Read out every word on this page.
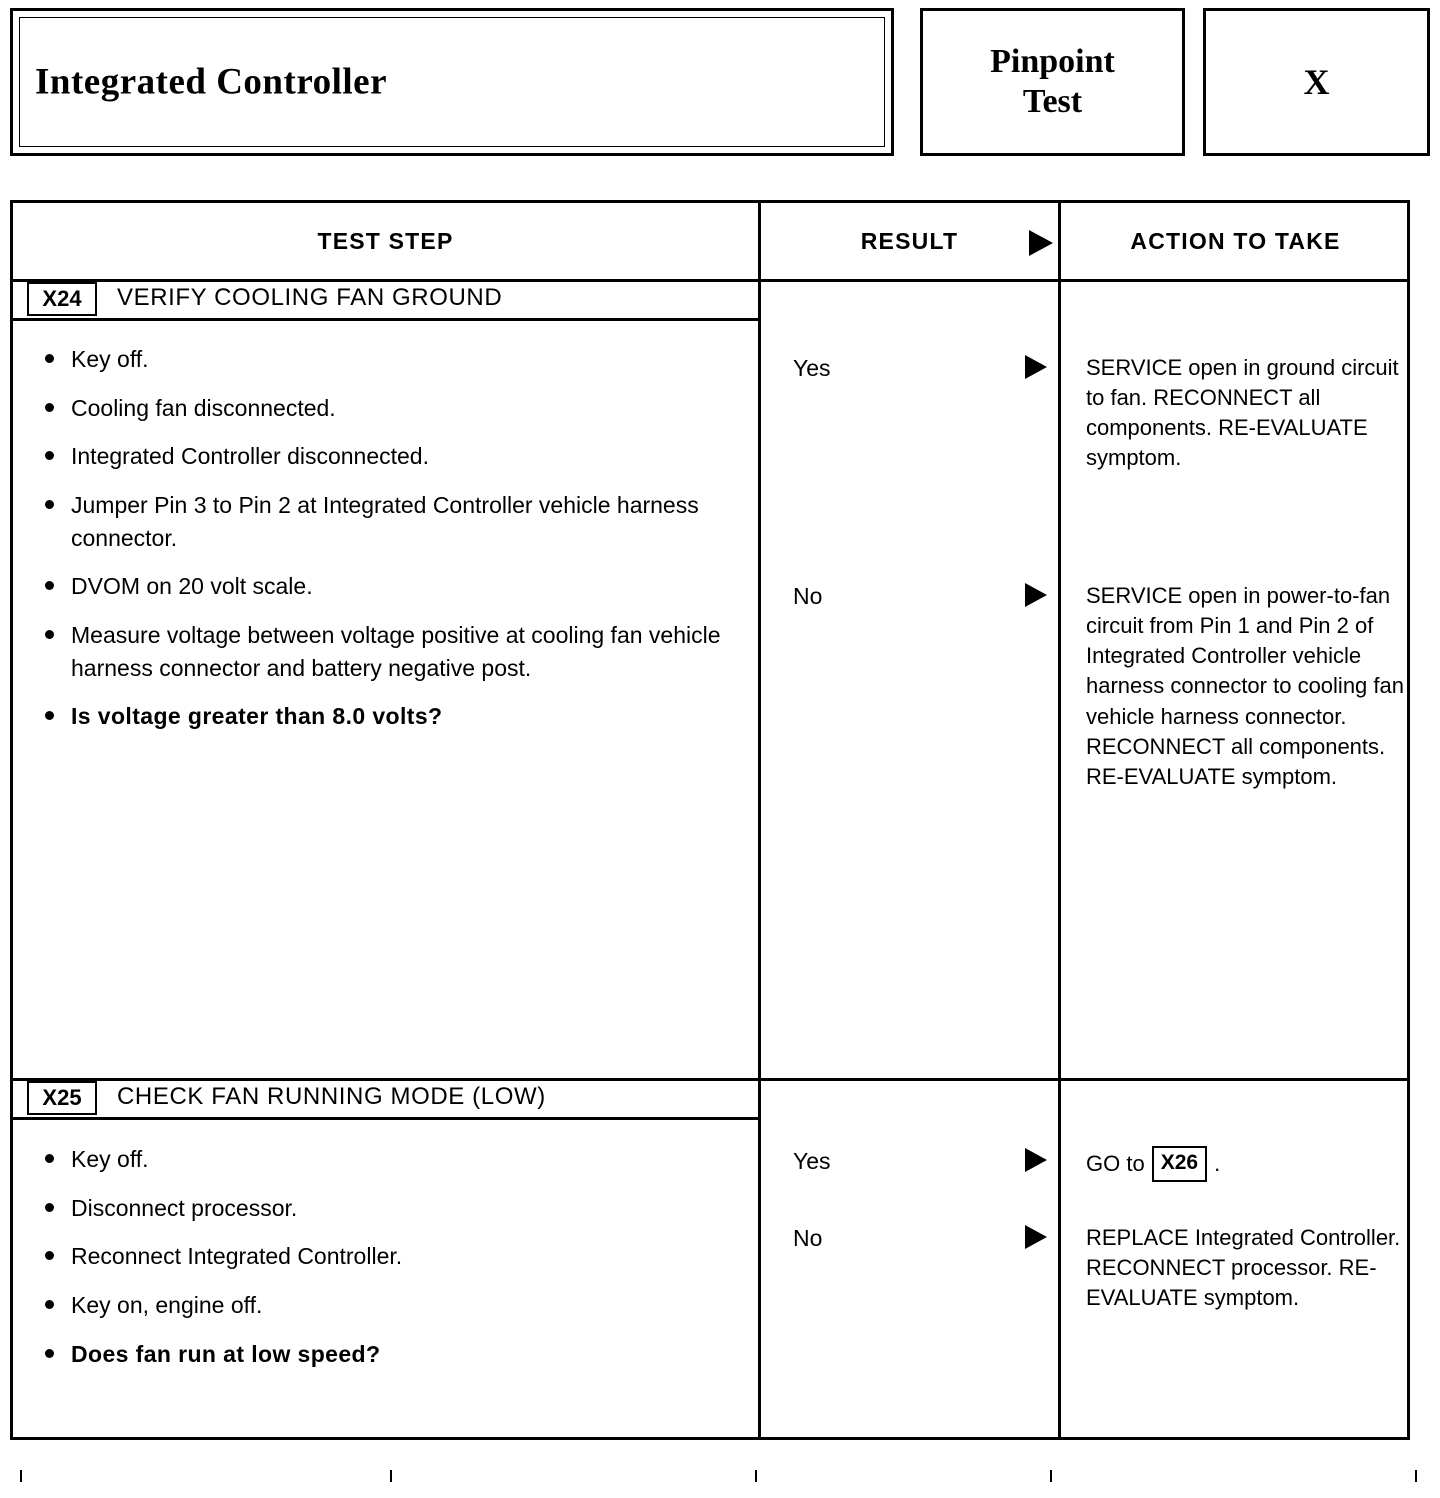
Integrated Controller
Pinpoint
Test	X
TEST STEP	RESULT	ACTION TO TAKE
X24	VERIFY COOLING FAN GROUND
Key off.
Cooling fan disconnected.
Integrated Controller disconnected.
Jumper Pin 3 to Pin 2 at Integrated Controller vehicle harness connector.
DVOM on 20 volt scale.
Measure voltage between voltage positive at cooling fan vehicle harness connector and battery negative post.
Is voltage greater than 8.0 volts?
Yes	SERVICE open in ground circuit to fan. RECONNECT all components. RE-EVALUATE symptom.
No	SERVICE open in power-to-fan circuit from Pin 1 and Pin 2 of Integrated Controller vehicle harness connector to cooling fan vehicle harness connector. RECONNECT all components. RE-EVALUATE symptom.
X25	CHECK FAN RUNNING MODE (LOW)
Key off.
Disconnect processor.
Reconnect Integrated Controller.
Key on, engine off.
Does fan run at low speed?
Yes	GO to X26 .
No	REPLACE Integrated Controller. RECONNECT processor. RE-EVALUATE symptom.
